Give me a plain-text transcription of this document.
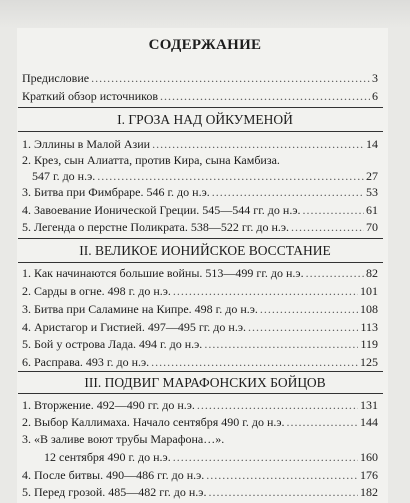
СОДЕРЖАНИЕ
Предисловие .....	3
Краткий обзор источников .....	6
I. ГРОЗА НАД ОЙКУМЕНОЙ
1. Эллины в Малой Азии .....	14
2. Крез, сын Алиатта, против Кира, сына Камбиза.
547 г. до н.э. .....	27
3. Битва при Фимбраре. 546 г. до н.э. .....	53
4. Завоевание Ионической Греции. 545—544 гг. до н.э. .....	61
5. Легенда о перстне Поликрата. 538—522 гг. до н.э. .....	70
II. ВЕЛИКОЕ ИОНИЙСКОЕ ВОССТАНИЕ
1. Как начинаются большие войны. 513—499 гг. до н.э. .....	82
2. Сарды в огне. 498 г. до н.э. .....	101
3. Битва при Саламине на Кипре. 498 г. до н.э. .....	108
4. Аристагор и Гистией. 497—495 гг. до н.э. .....	113
5. Бой у острова Лада. 494 г. до н.э. .....	119
6. Расправа. 493 г. до н.э. .....	125
III. ПОДВИГ МАРАФОНСКИХ БОЙЦОВ
1. Вторжение. 492—490 гг. до н.э. .....	131
2. Выбор Каллимаха. Начало сентября 490 г. до н.э. .....	144
3. «В заливе воют трубы Марафона…».
12 сентября 490 г. до н.э. .....	160
4. После битвы. 490—486 гг. до н.э. .....	176
5. Перед грозой. 485—482 гг. до н.э. .....	182
